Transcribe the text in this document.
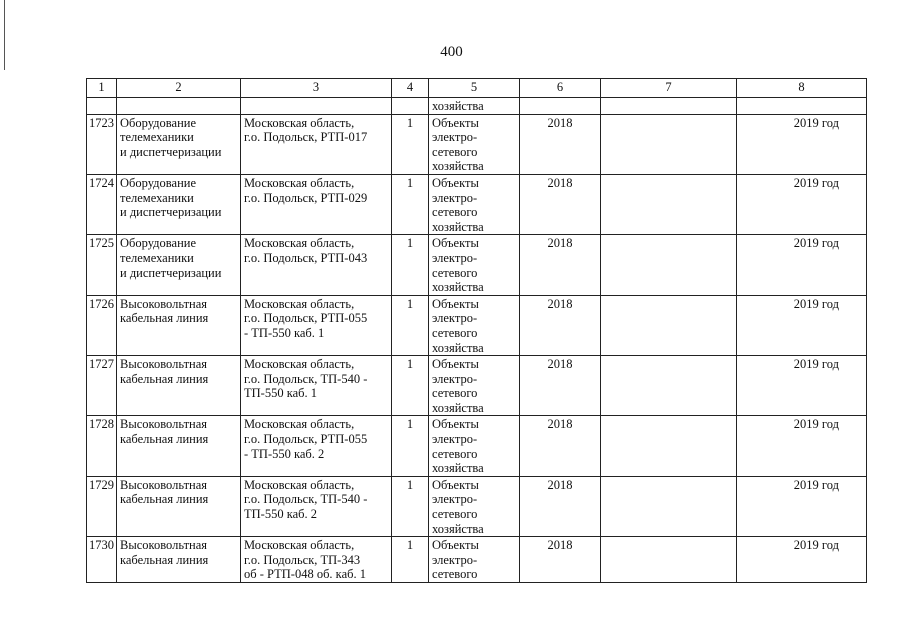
400
1	2	3	4	5	6	7	8
				хозяйства			
1723	Оборудование
телемеханики
и диспетчеризации	Московская область,
г.о. Подольск, РТП-017	1	Объекты
электро-
сетевого
хозяйства	2018		2019 год
1724	Оборудование
телемеханики
и диспетчеризации	Московская область,
г.о. Подольск, РТП-029	1	Объекты
электро-
сетевого
хозяйства	2018		2019 год
1725	Оборудование
телемеханики
и диспетчеризации	Московская область,
г.о. Подольск, РТП-043	1	Объекты
электро-
сетевого
хозяйства	2018		2019 год
1726	Высоковольтная
кабельная линия	Московская область,
г.о. Подольск, РТП-055
- ТП-550 каб. 1	1	Объекты
электро-
сетевого
хозяйства	2018		2019 год
1727	Высоковольтная
кабельная линия	Московская область,
г.о. Подольск, ТП-540 -
ТП-550 каб. 1	1	Объекты
электро-
сетевого
хозяйства	2018		2019 год
1728	Высоковольтная
кабельная линия	Московская область,
г.о. Подольск, РТП-055
- ТП-550 каб. 2	1	Объекты
электро-
сетевого
хозяйства	2018		2019 год
1729	Высоковольтная
кабельная линия	Московская область,
г.о. Подольск, ТП-540 -
ТП-550 каб. 2	1	Объекты
электро-
сетевого
хозяйства	2018		2019 год
1730	Высоковольтная
кабельная линия	Московская область,
г.о. Подольск, ТП-343
об - РТП-048 об. каб. 1	1	Объекты
электро-
сетевого	2018		2019 год
